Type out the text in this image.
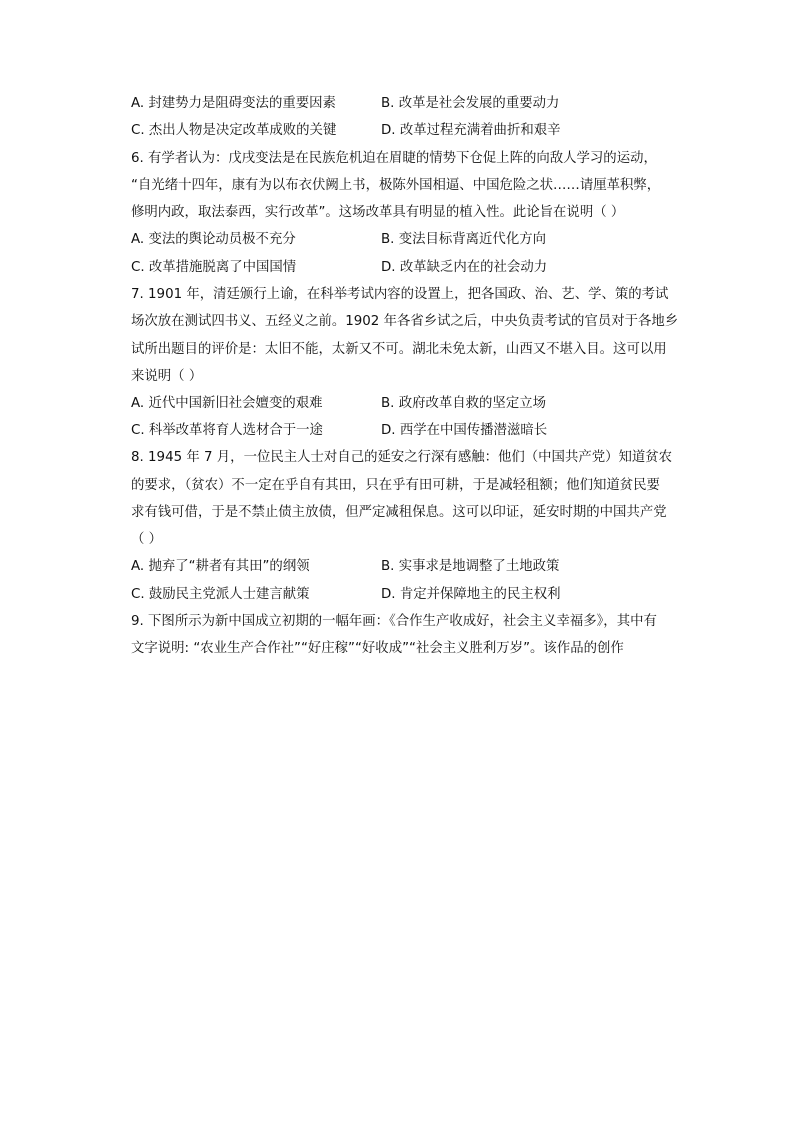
A. 封建势力是阻碍变法的重要因素	B. 改革是社会发展的重要动力
C. 杰出人物是决定改革成败的关键	D. 改革过程充满着曲折和艰辛
6. 有学者认为：戊戌变法是在民族危机迫在眉睫的情势下仓促上阵的向敌人学习的运动，
“自光绪十四年，康有为以布衣伏阙上书，极陈外国相逼、中国危险之状……请厘革积弊，
修明内政，取法泰西，实行改革”。这场改革具有明显的植入性。此论旨在说明（ ）
A. 变法的舆论动员极不充分	B. 变法目标背离近代化方向
C. 改革措施脱离了中国国情	D. 改革缺乏内在的社会动力
7. 1901 年，清廷颁行上谕，在科举考试内容的设置上，把各国政、治、艺、学、策的考试
场次放在测试四书义、五经义之前。1902 年各省乡试之后，中央负责考试的官员对于各地乡
试所出题目的评价是：太旧不能，太新又不可。湖北未免太新，山西又不堪入目。这可以用
来说明（ ）
A. 近代中国新旧社会嬗变的艰难	B. 政府改革自救的坚定立场
C. 科举改革将育人选材合于一途	D. 西学在中国传播潜滋暗长
8. 1945 年 7 月，一位民主人士对自己的延安之行深有感触：他们（中国共产党）知道贫农
的要求，（贫农）不一定在乎自有其田，只在乎有田可耕，于是减轻租额；他们知道贫民要
求有钱可借，于是不禁止债主放债，但严定减租保息。这可以印证，延安时期的中国共产党
（ ）
A. 抛弃了“耕者有其田”的纲领	B. 实事求是地调整了土地政策
C. 鼓励民主党派人士建言献策	D. 肯定并保障地主的民主权利
9. 下图所示为新中国成立初期的一幅年画：《合作生产收成好，社会主义幸福多》，其中有
文字说明: “农业生产合作社”“好庄稼”“好收成”“社会主义胜利万岁”。该作品的创作
